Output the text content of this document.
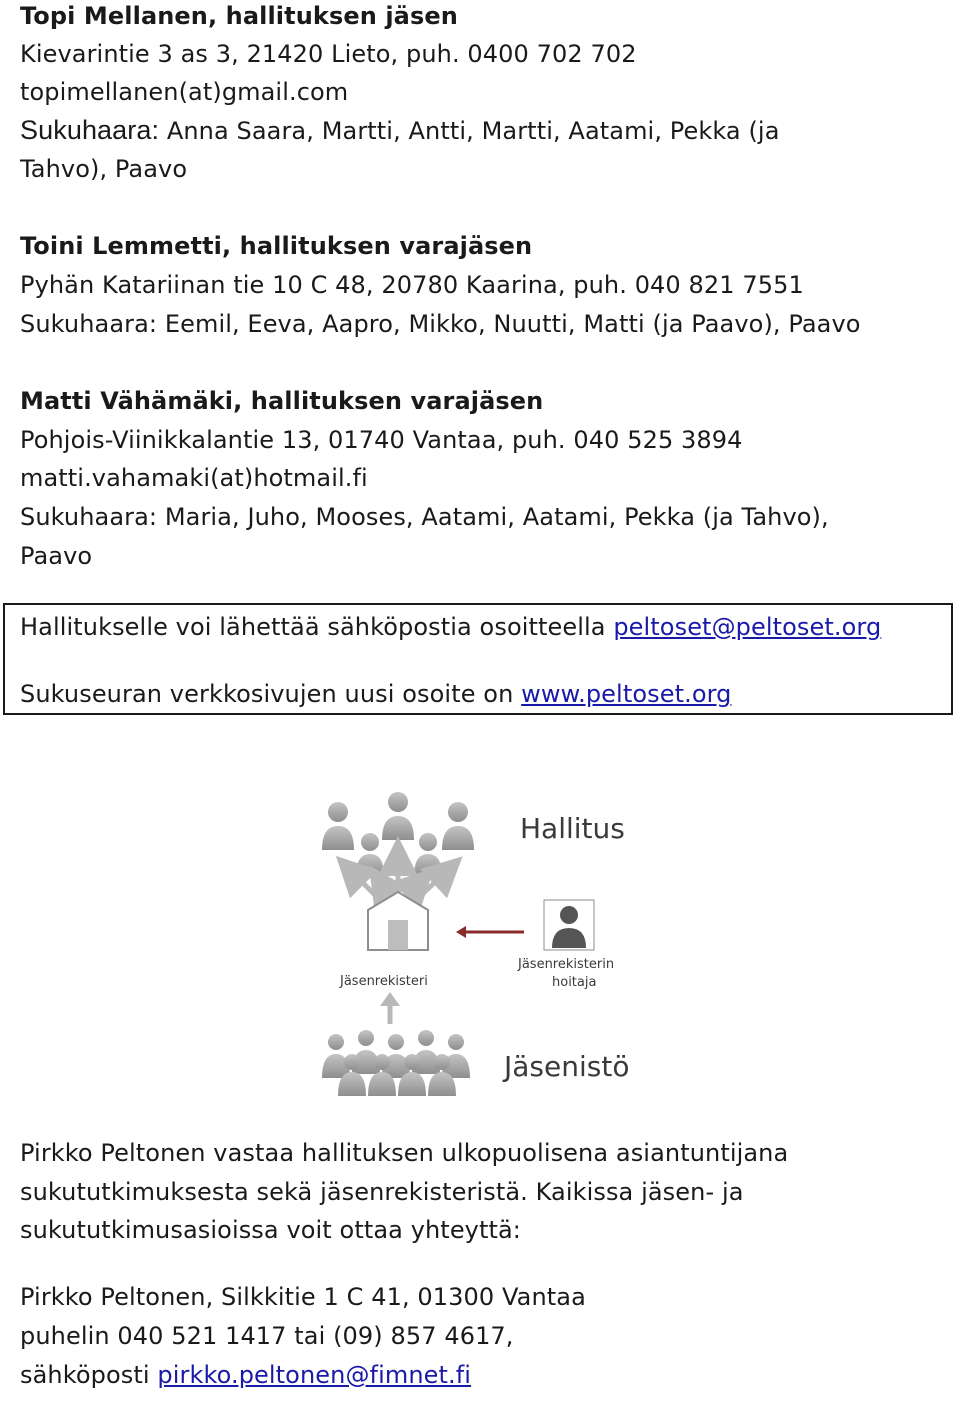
Topi Mellanen, hallituksen jäsen
Kievarintie 3 as 3, 21420 Lieto, puh. 0400 702 702
topimellanen(at)gmail.com
Sukuhaara: Anna Saara, Martti, Antti, Martti, Aatami, Pekka (ja
Tahvo), Paavo
Toini Lemmetti, hallituksen varajäsen
Pyhän Katariinan tie 10 C 48, 20780 Kaarina, puh. 040 821 7551
Sukuhaara: Eemil, Eeva, Aapro, Mikko, Nuutti, Matti (ja Paavo), Paavo
Matti Vähämäki, hallituksen varajäsen
Pohjois-Viinikkalantie 13, 01740 Vantaa, puh. 040 525 3894
matti.vahamaki(at)hotmail.fi
Sukuhaara: Maria, Juho, Mooses, Aatami, Aatami, Pekka (ja Tahvo),
Paavo
Hallitukselle voi lähettää sähköpostia osoitteella peltoset@peltoset.org
Sukuseuran verkkosivujen uusi osoite on www.peltoset.org
Hallitus
Jäsenrekisteri
Jäsenrekisterin
hoitaja
Jäsenistö
Pirkko Peltonen vastaa hallituksen ulkopuolisena asiantuntijana
sukututkimuksesta sekä jäsenrekisteristä. Kaikissa jäsen- ja
sukututkimusasioissa voit ottaa yhteyttä:
Pirkko Peltonen, Silkkitie 1 C 41, 01300 Vantaa
puhelin 040 521 1417 tai (09) 857 4617,
sähköposti pirkko.peltonen@fimnet.fi
